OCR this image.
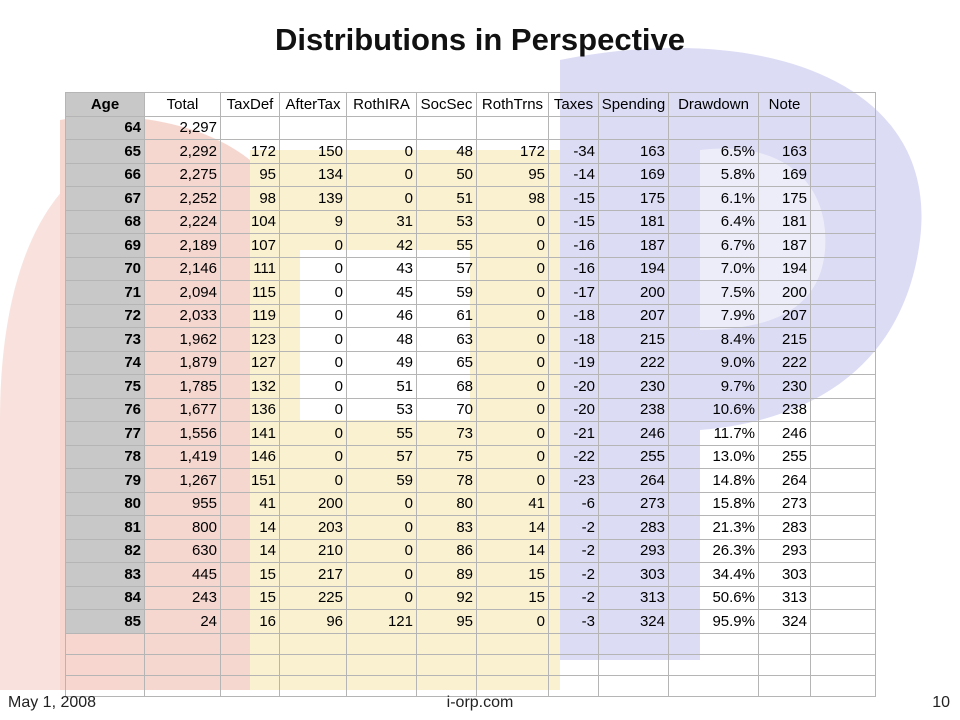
Distributions in Perspective
Age	Total	TaxDef	AfterTax	RothIRA	SocSec	RothTrns	Taxes	Spending	Drawdown	Note	
64	2,297										
65	2,292	172	150	0	48	172	-34	163	6.5%	163	
66	2,275	95	134	0	50	95	-14	169	5.8%	169	
67	2,252	98	139	0	51	98	-15	175	6.1%	175	
68	2,224	104	9	31	53	0	-15	181	6.4%	181	
69	2,189	107	0	42	55	0	-16	187	6.7%	187	
70	2,146	111	0	43	57	0	-16	194	7.0%	194	
71	2,094	115	0	45	59	0	-17	200	7.5%	200	
72	2,033	119	0	46	61	0	-18	207	7.9%	207	
73	1,962	123	0	48	63	0	-18	215	8.4%	215	
74	1,879	127	0	49	65	0	-19	222	9.0%	222	
75	1,785	132	0	51	68	0	-20	230	9.7%	230	
76	1,677	136	0	53	70	0	-20	238	10.6%	238	
77	1,556	141	0	55	73	0	-21	246	11.7%	246	
78	1,419	146	0	57	75	0	-22	255	13.0%	255	
79	1,267	151	0	59	78	0	-23	264	14.8%	264	
80	955	41	200	0	80	41	-6	273	15.8%	273	
81	800	14	203	0	83	14	-2	283	21.3%	283	
82	630	14	210	0	86	14	-2	293	26.3%	293	
83	445	15	217	0	89	15	-2	303	34.4%	303	
84	243	15	225	0	92	15	-2	313	50.6%	313	
85	24	16	96	121	95	0	-3	324	95.9%	324	

May 1, 2008	i-orp.com	10
